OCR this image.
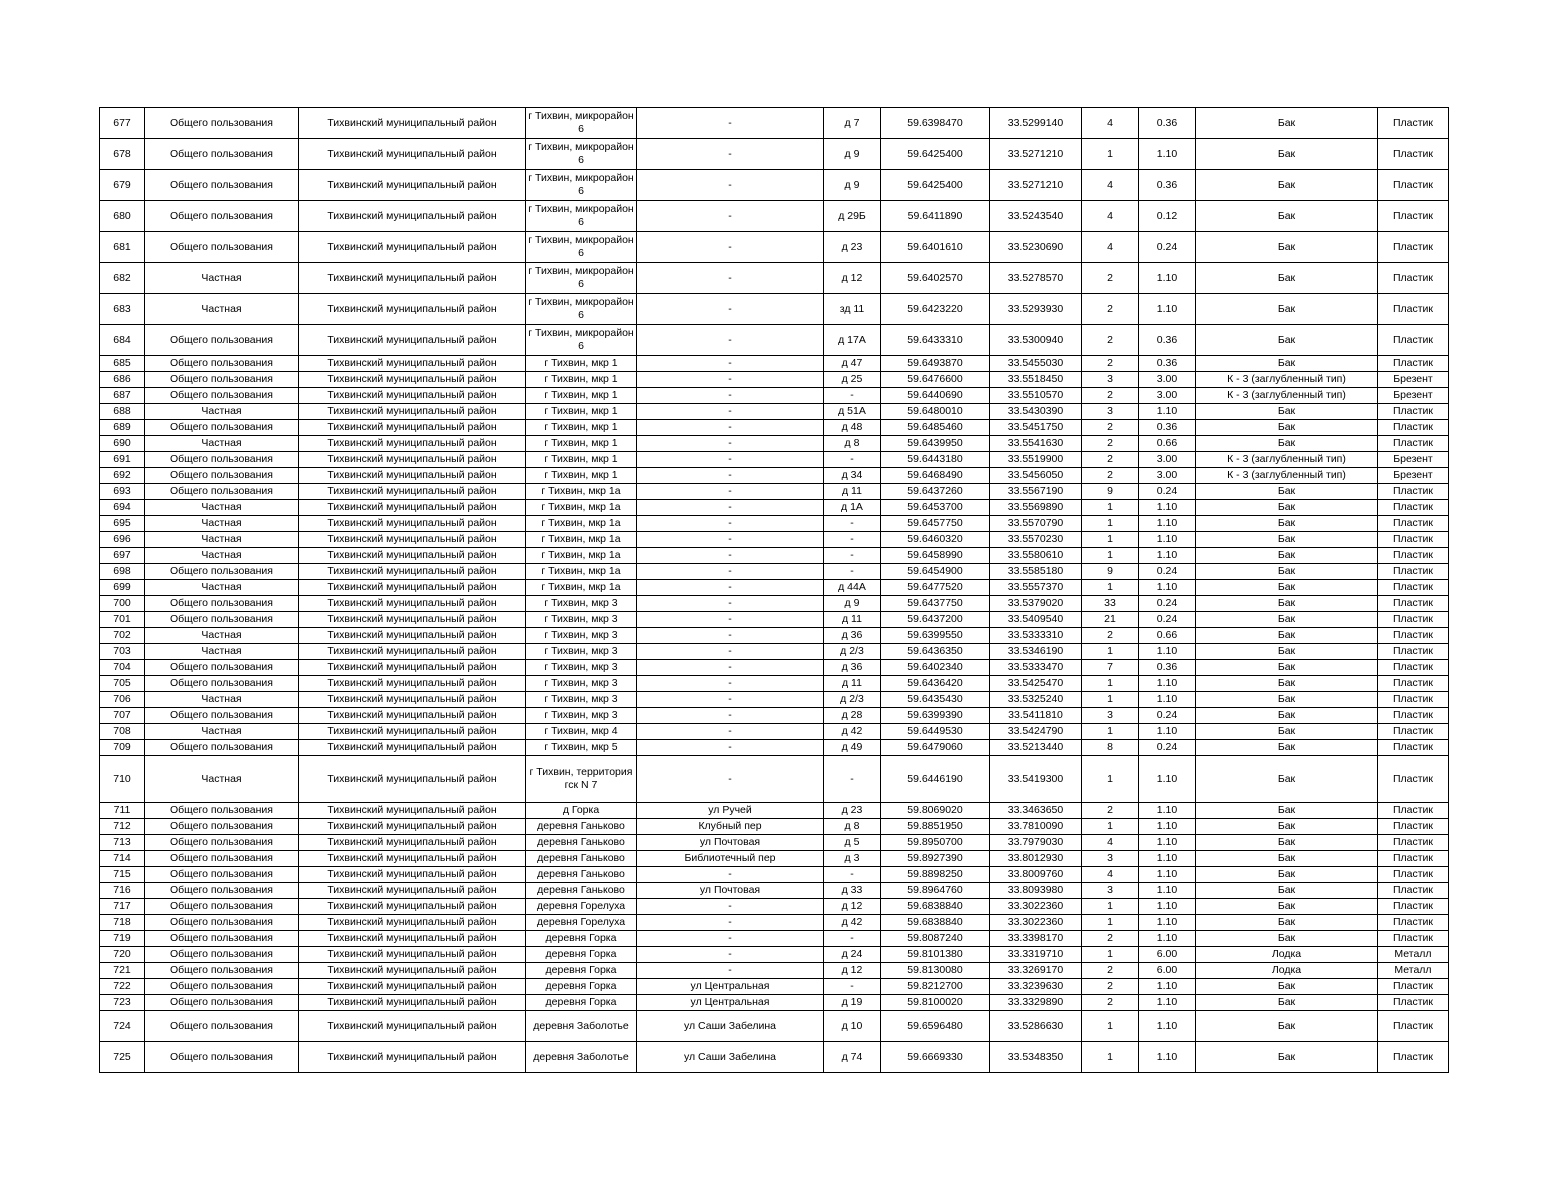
677	Общего пользования	Тихвинский муниципальный район	г Тихвин, микрорайон 6	-	д 7	59.6398470	33.5299140	4	0.36	Бак	Пластик
678	Общего пользования	Тихвинский муниципальный район	г Тихвин, микрорайон 6	-	д 9	59.6425400	33.5271210	1	1.10	Бак	Пластик
679	Общего пользования	Тихвинский муниципальный район	г Тихвин, микрорайон 6	-	д 9	59.6425400	33.5271210	4	0.36	Бак	Пластик
680	Общего пользования	Тихвинский муниципальный район	г Тихвин, микрорайон 6	-	д 29Б	59.6411890	33.5243540	4	0.12	Бак	Пластик
681	Общего пользования	Тихвинский муниципальный район	г Тихвин, микрорайон 6	-	д 23	59.6401610	33.5230690	4	0.24	Бак	Пластик
682	Частная	Тихвинский муниципальный район	г Тихвин, микрорайон 6	-	д 12	59.6402570	33.5278570	2	1.10	Бак	Пластик
683	Частная	Тихвинский муниципальный район	г Тихвин, микрорайон 6	-	зд 11	59.6423220	33.5293930	2	1.10	Бак	Пластик
684	Общего пользования	Тихвинский муниципальный район	г Тихвин, микрорайон 6	-	д 17А	59.6433310	33.5300940	2	0.36	Бак	Пластик
685	Общего пользования	Тихвинский муниципальный район	г Тихвин, мкр 1	-	д 47	59.6493870	33.5455030	2	0.36	Бак	Пластик
686	Общего пользования	Тихвинский муниципальный район	г Тихвин, мкр 1	-	д 25	59.6476600	33.5518450	3	3.00	К - 3 (заглубленный тип)	Брезент
687	Общего пользования	Тихвинский муниципальный район	г Тихвин, мкр 1	-	-	59.6440690	33.5510570	2	3.00	К - 3 (заглубленный тип)	Брезент
688	Частная	Тихвинский муниципальный район	г Тихвин, мкр 1	-	д 51А	59.6480010	33.5430390	3	1.10	Бак	Пластик
689	Общего пользования	Тихвинский муниципальный район	г Тихвин, мкр 1	-	д 48	59.6485460	33.5451750	2	0.36	Бак	Пластик
690	Частная	Тихвинский муниципальный район	г Тихвин, мкр 1	-	д 8	59.6439950	33.5541630	2	0.66	Бак	Пластик
691	Общего пользования	Тихвинский муниципальный район	г Тихвин, мкр 1	-	-	59.6443180	33.5519900	2	3.00	К - 3 (заглубленный тип)	Брезент
692	Общего пользования	Тихвинский муниципальный район	г Тихвин, мкр 1	-	д 34	59.6468490	33.5456050	2	3.00	К - 3 (заглубленный тип)	Брезент
693	Общего пользования	Тихвинский муниципальный район	г Тихвин, мкр 1а	-	д 11	59.6437260	33.5567190	9	0.24	Бак	Пластик
694	Частная	Тихвинский муниципальный район	г Тихвин, мкр 1а	-	д 1А	59.6453700	33.5569890	1	1.10	Бак	Пластик
695	Частная	Тихвинский муниципальный район	г Тихвин, мкр 1а	-	-	59.6457750	33.5570790	1	1.10	Бак	Пластик
696	Частная	Тихвинский муниципальный район	г Тихвин, мкр 1а	-	-	59.6460320	33.5570230	1	1.10	Бак	Пластик
697	Частная	Тихвинский муниципальный район	г Тихвин, мкр 1а	-	-	59.6458990	33.5580610	1	1.10	Бак	Пластик
698	Общего пользования	Тихвинский муниципальный район	г Тихвин, мкр 1а	-	-	59.6454900	33.5585180	9	0.24	Бак	Пластик
699	Частная	Тихвинский муниципальный район	г Тихвин, мкр 1а	-	д 44А	59.6477520	33.5557370	1	1.10	Бак	Пластик
700	Общего пользования	Тихвинский муниципальный район	г Тихвин, мкр 3	-	д 9	59.6437750	33.5379020	33	0.24	Бак	Пластик
701	Общего пользования	Тихвинский муниципальный район	г Тихвин, мкр 3	-	д 11	59.6437200	33.5409540	21	0.24	Бак	Пластик
702	Частная	Тихвинский муниципальный район	г Тихвин, мкр 3	-	д 36	59.6399550	33.5333310	2	0.66	Бак	Пластик
703	Частная	Тихвинский муниципальный район	г Тихвин, мкр 3	-	д 2/3	59.6436350	33.5346190	1	1.10	Бак	Пластик
704	Общего пользования	Тихвинский муниципальный район	г Тихвин, мкр 3	-	д 36	59.6402340	33.5333470	7	0.36	Бак	Пластик
705	Общего пользования	Тихвинский муниципальный район	г Тихвин, мкр 3	-	д 11	59.6436420	33.5425470	1	1.10	Бак	Пластик
706	Частная	Тихвинский муниципальный район	г Тихвин, мкр 3	-	д 2/3	59.6435430	33.5325240	1	1.10	Бак	Пластик
707	Общего пользования	Тихвинский муниципальный район	г Тихвин, мкр 3	-	д 28	59.6399390	33.5411810	3	0.24	Бак	Пластик
708	Частная	Тихвинский муниципальный район	г Тихвин, мкр 4	-	д 42	59.6449530	33.5424790	1	1.10	Бак	Пластик
709	Общего пользования	Тихвинский муниципальный район	г Тихвин, мкр 5	-	д 49	59.6479060	33.5213440	8	0.24	Бак	Пластик
710	Частная	Тихвинский муниципальный район	г Тихвин, территория гск N 7	-	-	59.6446190	33.5419300	1	1.10	Бак	Пластик
711	Общего пользования	Тихвинский муниципальный район	д Горка	ул Ручей	д 23	59.8069020	33.3463650	2	1.10	Бак	Пластик
712	Общего пользования	Тихвинский муниципальный район	деревня Ганьково	Клубный пер	д 8	59.8851950	33.7810090	1	1.10	Бак	Пластик
713	Общего пользования	Тихвинский муниципальный район	деревня Ганьково	ул Почтовая	д 5	59.8950700	33.7979030	4	1.10	Бак	Пластик
714	Общего пользования	Тихвинский муниципальный район	деревня Ганьково	Библиотечный пер	д 3	59.8927390	33.8012930	3	1.10	Бак	Пластик
715	Общего пользования	Тихвинский муниципальный район	деревня Ганьково	-	-	59.8898250	33.8009760	4	1.10	Бак	Пластик
716	Общего пользования	Тихвинский муниципальный район	деревня Ганьково	ул Почтовая	д 33	59.8964760	33.8093980	3	1.10	Бак	Пластик
717	Общего пользования	Тихвинский муниципальный район	деревня Горелуха	-	д 12	59.6838840	33.3022360	1	1.10	Бак	Пластик
718	Общего пользования	Тихвинский муниципальный район	деревня Горелуха	-	д 42	59.6838840	33.3022360	1	1.10	Бак	Пластик
719	Общего пользования	Тихвинский муниципальный район	деревня Горка	-	-	59.8087240	33.3398170	2	1.10	Бак	Пластик
720	Общего пользования	Тихвинский муниципальный район	деревня Горка	-	д 24	59.8101380	33.3319710	1	6.00	Лодка	Металл
721	Общего пользования	Тихвинский муниципальный район	деревня Горка	-	д 12	59.8130080	33.3269170	2	6.00	Лодка	Металл
722	Общего пользования	Тихвинский муниципальный район	деревня Горка	ул Центральная	-	59.8212700	33.3239630	2	1.10	Бак	Пластик
723	Общего пользования	Тихвинский муниципальный район	деревня Горка	ул Центральная	д 19	59.8100020	33.3329890	2	1.10	Бак	Пластик
724	Общего пользования	Тихвинский муниципальный район	деревня Заболотье	ул Саши Забелина	д 10	59.6596480	33.5286630	1	1.10	Бак	Пластик
725	Общего пользования	Тихвинский муниципальный район	деревня Заболотье	ул Саши Забелина	д 74	59.6669330	33.5348350	1	1.10	Бак	Пластик
